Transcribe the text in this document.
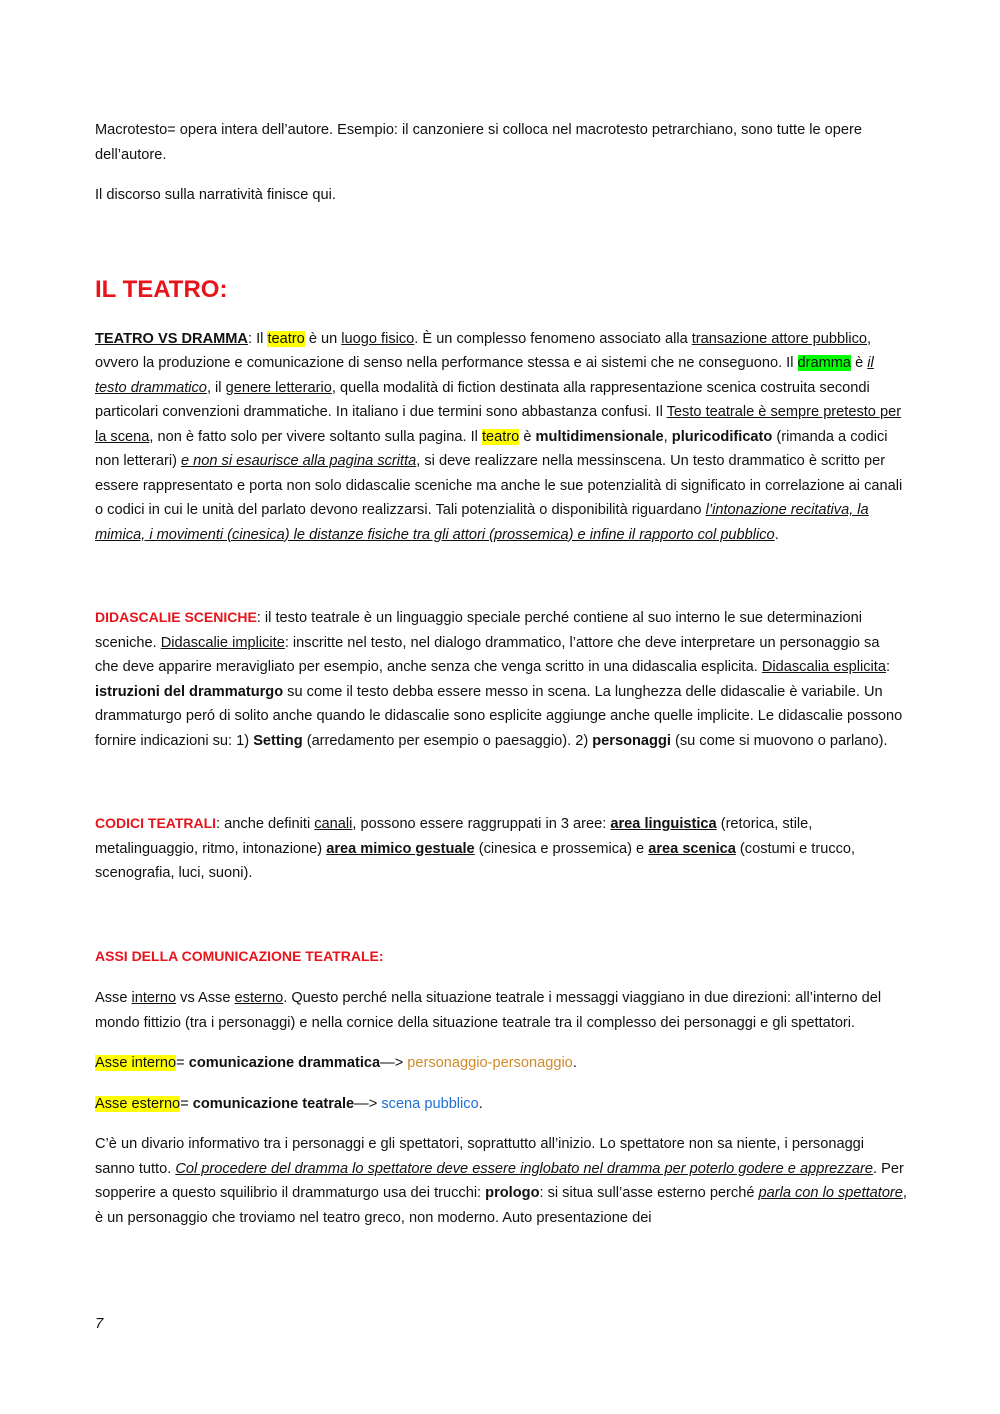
Macrotesto= opera intera dell’autore. Esempio: il canzoniere si colloca nel macrotesto petrarchiano, sono tutte le opere dell’autore.

Il discorso sulla narratività finisce qui.

IL TEATRO:

TEATRO VS DRAMMA: Il teatro è un luogo fisico. È un complesso fenomeno associato alla transazione attore pubblico, ovvero la produzione e comunicazione di senso nella performance stessa e ai sistemi che ne conseguono. Il dramma è il testo drammatico, il genere letterario, quella modalità di fiction destinata alla rappresentazione scenica costruita secondi particolari convenzioni drammatiche. In italiano i due termini sono abbastanza confusi. Il Testo teatrale è sempre pretesto per la scena, non è fatto solo per vivere soltanto sulla pagina. Il teatro è multidimensionale, pluricodificato (rimanda a codici non letterari) e non si esaurisce alla pagina scritta, si deve realizzare nella messinscena. Un testo drammatico è scritto per essere rappresentato e porta non solo didascalie sceniche ma anche le sue potenzialità di significato in correlazione ai canali o codici in cui le unità del parlato devono realizzarsi. Tali potenzialità o disponibilità riguardano l’intonazione recitativa, la mimica, i movimenti (cinesica) le distanze fisiche tra gli attori (prossemica) e infine il rapporto col pubblico.

DIDASCALIE SCENICHE: il testo teatrale è un linguaggio speciale perché contiene al suo interno le sue determinazioni sceniche. Didascalie implicite: inscritte nel testo, nel dialogo drammatico, l’attore che deve interpretare un personaggio sa che deve apparire meravigliato per esempio, anche senza che venga scritto in una didascalia esplicita. Didascalia esplicita: istruzioni del drammaturgo su come il testo debba essere messo in scena. La lunghezza delle didascalie è variabile. Un drammaturgo peró di solito anche quando le didascalie sono esplicite aggiunge anche quelle implicite. Le didascalie possono fornire indicazioni su: 1) Setting (arredamento per esempio o paesaggio). 2) personaggi (su come si muovono o parlano).

CODICI TEATRALI: anche definiti canali, possono essere raggruppati in 3 aree: area linguistica (retorica, stile, metalinguaggio, ritmo, intonazione) area mimico gestuale (cinesica e prossemica) e area scenica (costumi e trucco, scenografia, luci, suoni).

ASSI DELLA COMUNICAZIONE TEATRALE:

Asse interno vs Asse esterno. Questo perché nella situazione teatrale i messaggi viaggiano in due direzioni: all’interno del mondo fittizio (tra i personaggi) e nella cornice della situazione teatrale tra il complesso dei personaggi e gli spettatori.

Asse interno= comunicazione drammatica—> personaggio-personaggio.

Asse esterno= comunicazione teatrale—> scena pubblico.

C’è un divario informativo tra i personaggi e gli spettatori, soprattutto all’inizio. Lo spettatore non sa niente, i personaggi sanno tutto. Col procedere del dramma lo spettatore deve essere inglobato nel dramma per poterlo godere e apprezzare. Per sopperire a questo squilibrio il drammaturgo usa dei trucchi: prologo: si situa sull’asse esterno perché parla con lo spettatore, è un personaggio che troviamo nel teatro greco, non moderno. Auto presentazione dei

7
